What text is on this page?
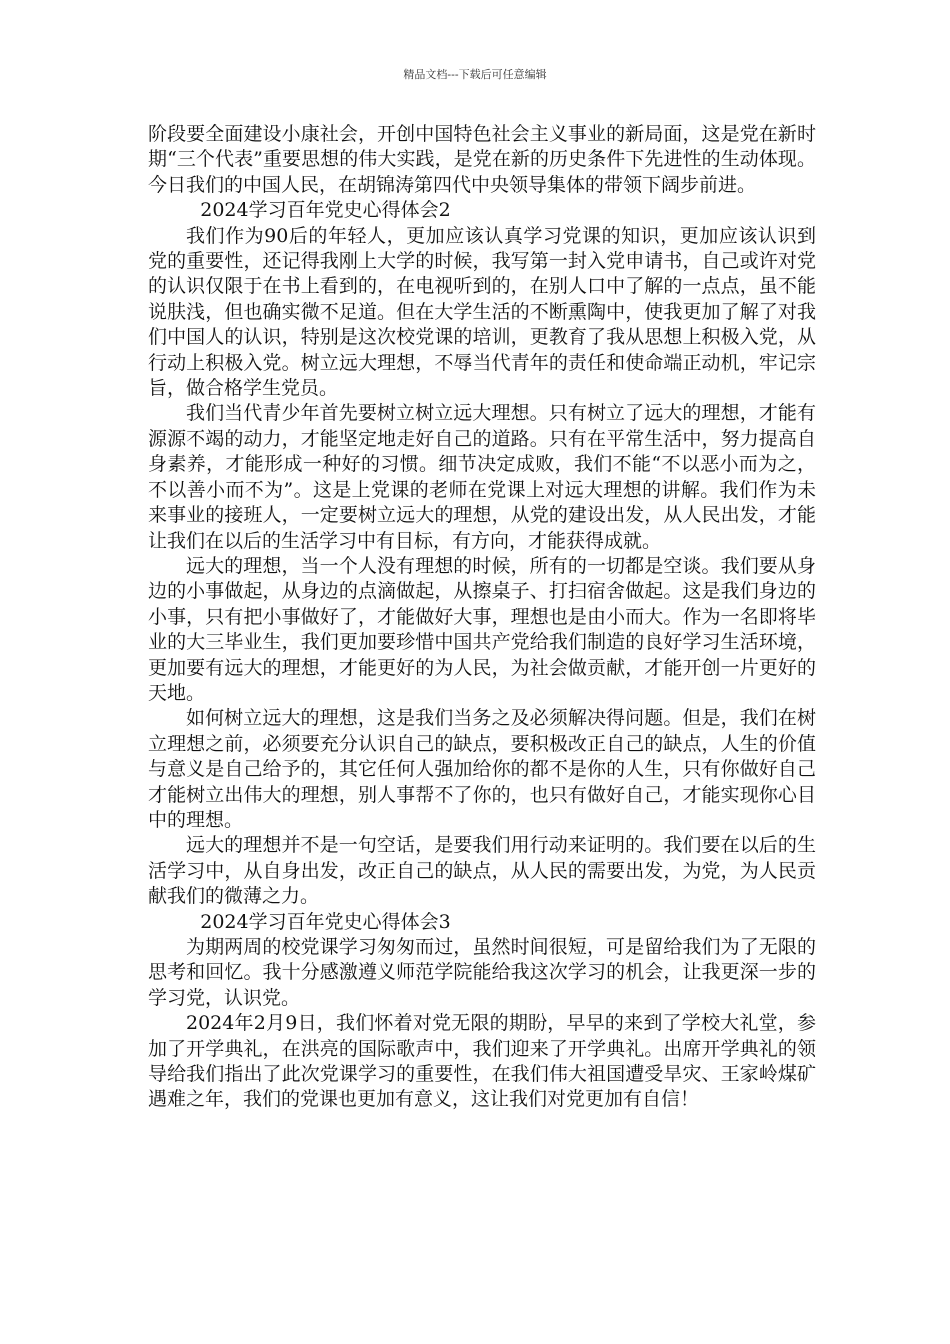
精品文档---下载后可任意编辑

阶段要全面建设小康社会，开创中国特色社会主义事业的新局面，这是党在新时期“三个代表”重要思想的伟大实践，是党在新的历史条件下先进性的生动体现。今日我们的中国人民，在胡锦涛第四代中央领导集体的带领下阔步前进。

2024学习百年党史心得体会2

我们作为90后的年轻人，更加应该认真学习党课的知识，更加应该认识到党的重要性，还记得我刚上大学的时候，我写第一封入党申请书，自己或许对党的认识仅限于在书上看到的，在电视听到的，在别人口中了解的一点点，虽不能说肤浅，但也确实微不足道。但在大学生活的不断熏陶中，使我更加了解了对我们中国人的认识，特别是这次校党课的培训，更教育了我从思想上积极入党，从行动上积极入党。树立远大理想，不辱当代青年的责任和使命端正动机，牢记宗旨，做合格学生党员。

我们当代青少年首先要树立树立远大理想。只有树立了远大的理想，才能有源源不竭的动力，才能坚定地走好自己的道路。只有在平常生活中，努力提高自身素养，才能形成一种好的习惯。细节决定成败，我们不能“不以恶小而为之，不以善小而不为”。这是上党课的老师在党课上对远大理想的讲解。我们作为未来事业的接班人，一定要树立远大的理想，从党的建设出发，从人民出发，才能让我们在以后的生活学习中有目标，有方向，才能获得成就。

远大的理想，当一个人没有理想的时候，所有的一切都是空谈。我们要从身边的小事做起，从身边的点滴做起，从擦桌子、打扫宿舍做起。这是我们身边的小事，只有把小事做好了，才能做好大事，理想也是由小而大。作为一名即将毕业的大三毕业生，我们更加要珍惜中国共产党给我们制造的良好学习生活环境，更加要有远大的理想，才能更好的为人民，为社会做贡献，才能开创一片更好的天地。

如何树立远大的理想，这是我们当务之及必须解决得问题。但是，我们在树立理想之前，必须要充分认识自己的缺点，要积极改正自己的缺点，人生的价值与意义是自己给予的，其它任何人强加给你的都不是你的人生，只有你做好自己才能树立出伟大的理想，别人事帮不了你的，也只有做好自己，才能实现你心目中的理想。

远大的理想并不是一句空话，是要我们用行动来证明的。我们要在以后的生活学习中，从自身出发，改正自己的缺点，从人民的需要出发，为党，为人民贡献我们的微薄之力。

2024学习百年党史心得体会3

为期两周的校党课学习匆匆而过，虽然时间很短，可是留给我们为了无限的思考和回忆。我十分感激遵义师范学院能给我这次学习的机会，让我更深一步的学习党，认识党。

2024年2月9日，我们怀着对党无限的期盼，早早的来到了学校大礼堂，参加了开学典礼，在洪亮的国际歌声中，我们迎来了开学典礼。出席开学典礼的领导给我们指出了此次党课学习的重要性，在我们伟大祖国遭受旱灾、王家岭煤矿遇难之年，我们的党课也更加有意义，这让我们对党更加有自信！
